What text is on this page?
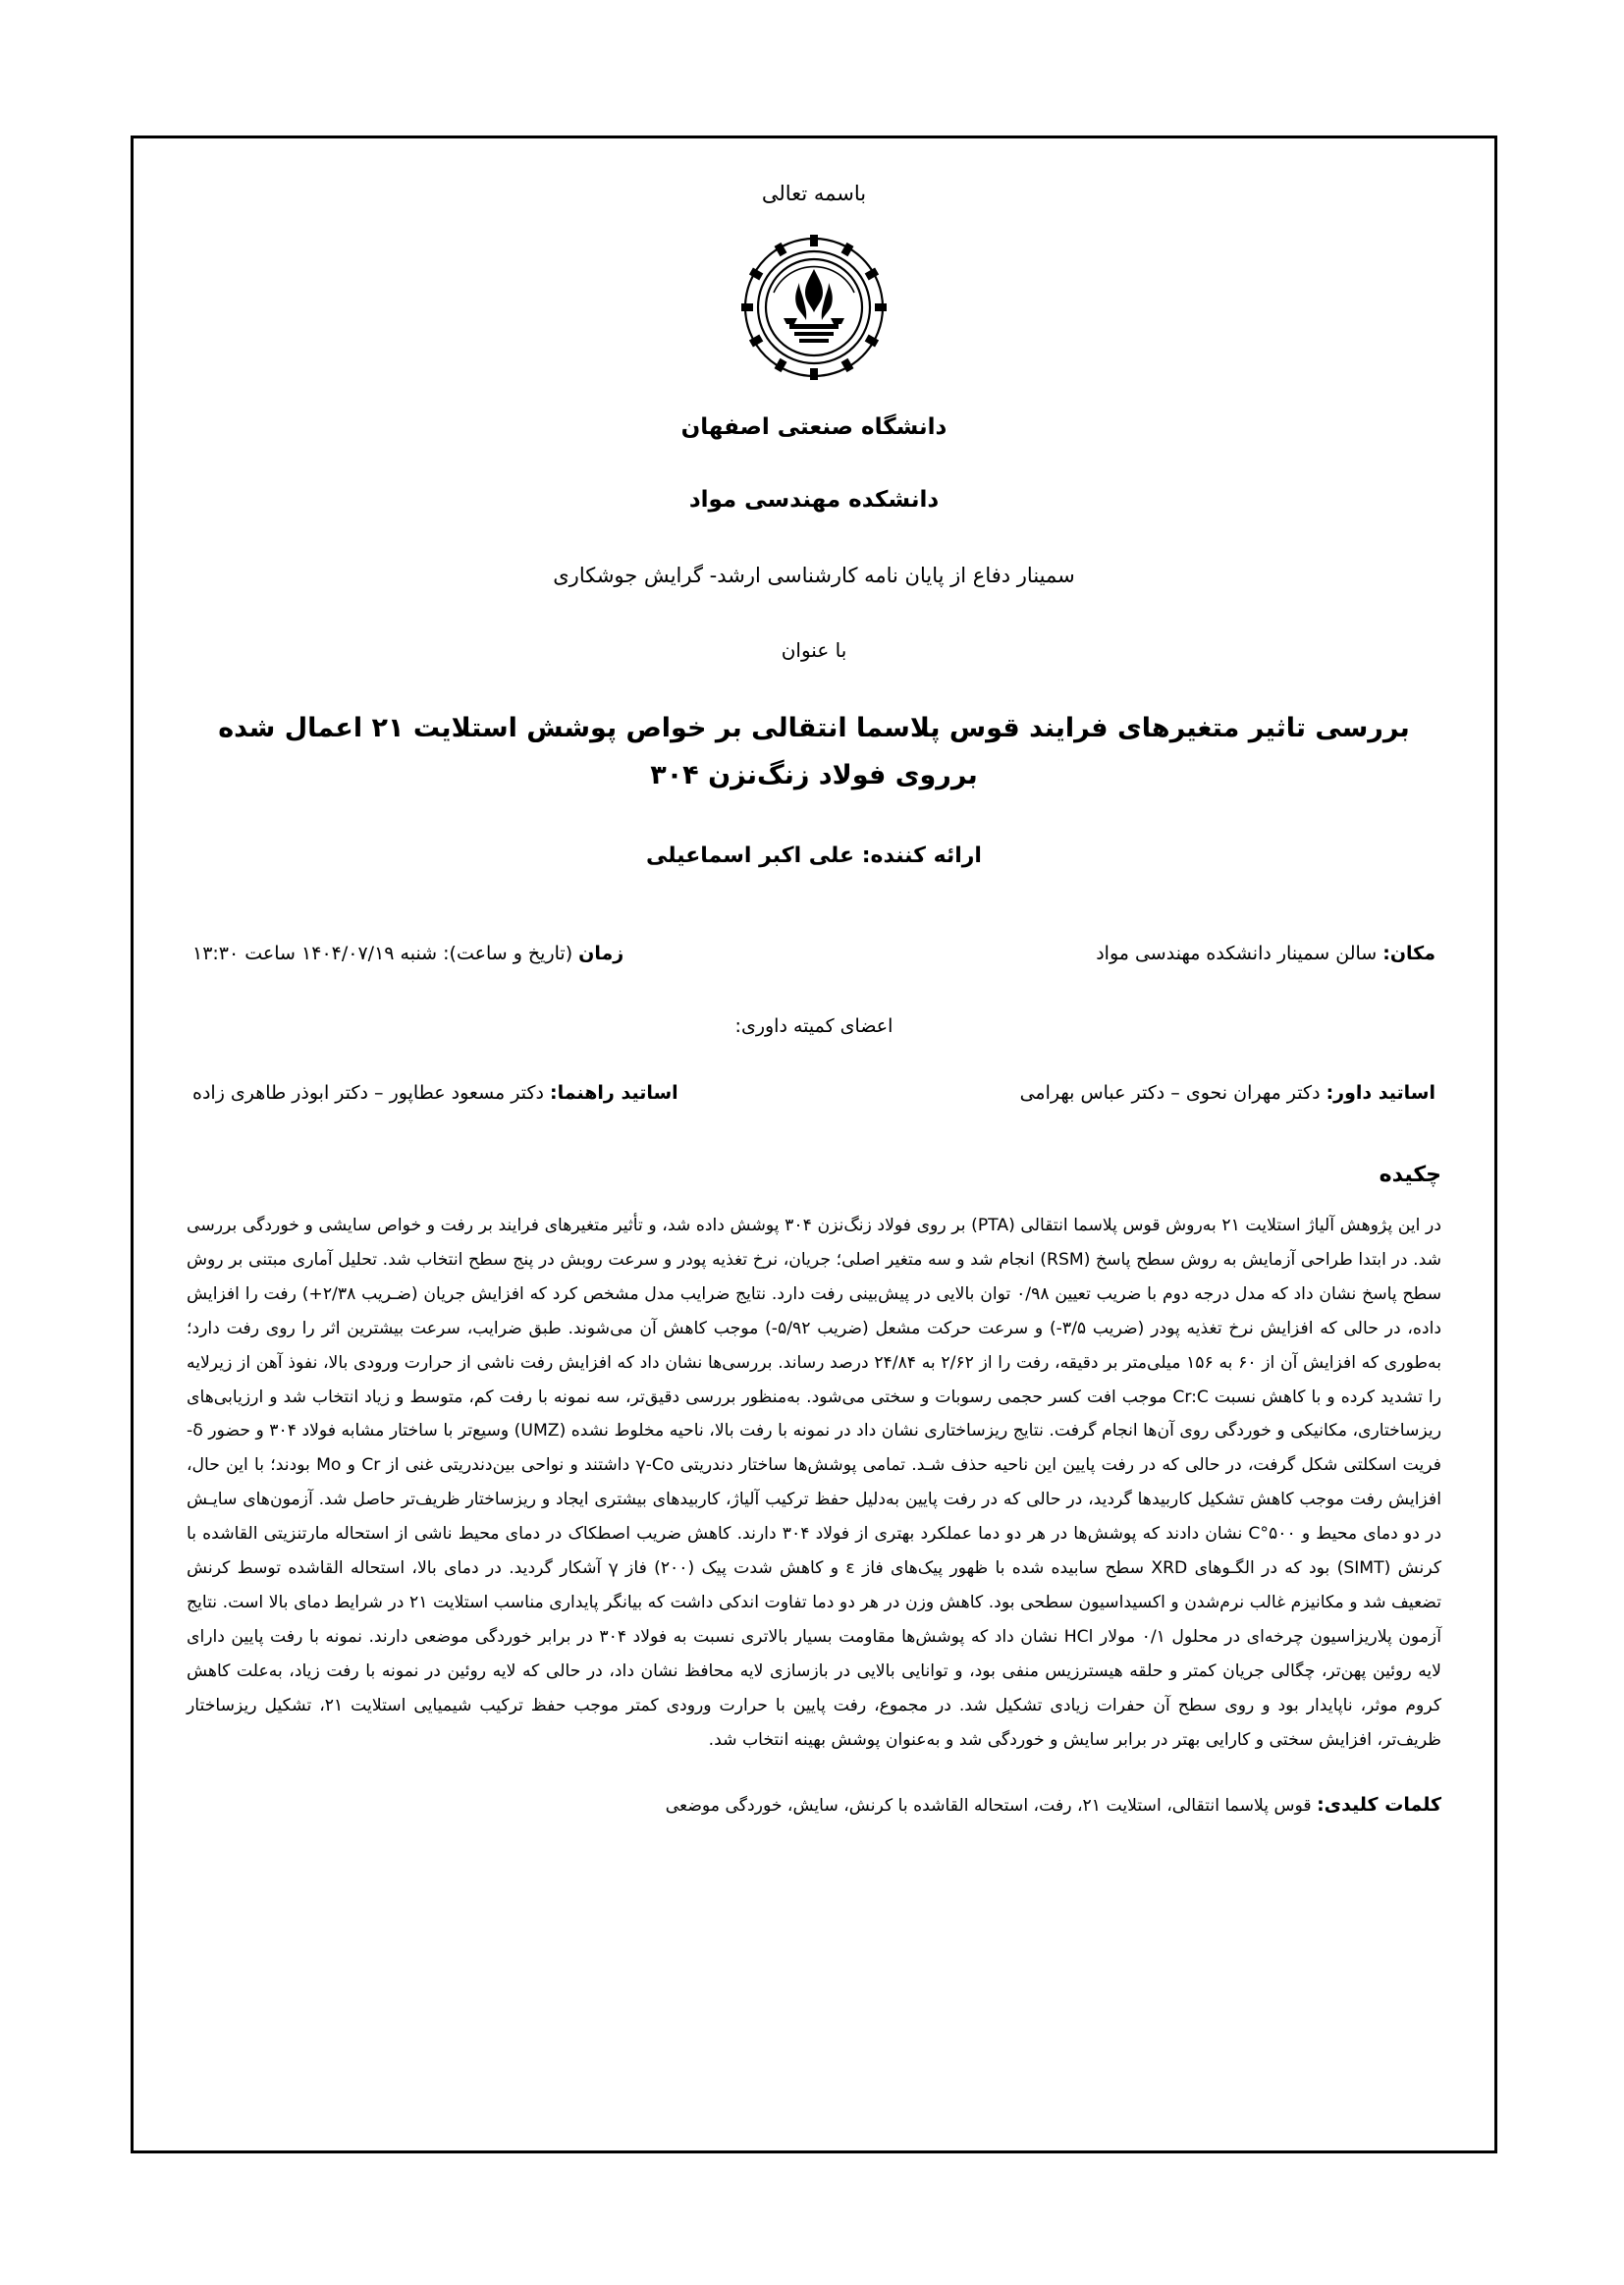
باسمه تعالی
دانشگاه صنعتی اصفهان
دانشکده مهندسی مواد
سمینار دفاع از پایان نامه کارشناسی ارشد- گرایش جوشکاری
با عنوان
بررسی تاثیر متغیرهای فرایند قوس پلاسما انتقالی بر خواص پوشش استلایت ۲۱ اعمال شده برروی فولاد زنگ‌نزن ۳۰۴
ارائه کننده: علی اکبر اسماعیلی
مکان: سالن سمینار دانشکده مهندسی مواد
زمان (تاریخ و ساعت): شنبه ۱۴۰۴/۰۷/۱۹ ساعت ۱۳:۳۰
اعضای کمیته داوری:
اساتید داور: دکتر مهران نحوی – دکتر عباس بهرامی
اساتید راهنما: دکتر مسعود عطاپور – دکتر ابوذر طاهری زاده
چکیده
در این پژوهش آلیاژ استلایت ۲۱ به‌روش قوس پلاسما انتقالی (PTA) بر روی فولاد زنگ‌نزن ۳۰۴ پوشش داده شد، و تأثیر متغیرهای فرایند بر رفت و خواص سایشی و خوردگی بررسی شد. در ابتدا طراحی آزمایش به روش سطح پاسخ (RSM) انجام شد و سه متغیر اصلی؛ جریان، نرخ تغذیه پودر و سرعت روبش در پنج سطح انتخاب شد. تحلیل آماری مبتنی بر روش سطح پاسخ نشان داد که مدل درجه دوم با ضریب تعیین ۰/۹۸ توان بالایی در پیش‌بینی رفت دارد. نتایج ضرایب مدل مشخص کرد که افزایش جریان (ضـریب ۲/۳۸+) رفت را افزایش داده، در حالی که افزایش نرخ تغذیه پودر (ضریب ۳/۵-) و سرعت حرکت مشعل (ضریب ۵/۹۲-) موجب کاهش آن می‌شوند. طبق ضرایب، سرعت بیشترین اثر را روی رفت دارد؛ به‌طوری که افزایش آن از ۶۰ به ۱۵۶ میلی‌متر بر دقیقه، رفت را از ۲/۶۲ به ۲۴/۸۴ درصد رساند. بررسی‌ها نشان داد که افزایش رفت ناشی از حرارت ورودی بالا، نفوذ آهن از زیرلایه را تشدید کرده و با کاهش نسبت Cr:C موجب افت کسر حجمی رسوبات و سختی می‌شود. به‌منظور بررسی دقیق‌تر، سه نمونه با رفت کم، متوسط و زیاد انتخاب شد و ارزیابی‌های ریزساختاری، مکانیکی و خوردگی روی آن‌ها انجام گرفت. نتایج ریزساختاری نشان داد در نمونه با رفت بالا، ناحیه مخلوط نشده (UMZ) وسیع‌تر با ساختار مشابه فولاد ۳۰۴ و حضور δ-فریت اسکلتی شکل گرفت، در حالی که در رفت پایین این ناحیه حذف شـد. تمامی پوشش‌ها ساختار دندریتی γ-Co داشتند و نواحی بین‌دندریتی غنی از Cr و Mo بودند؛ با این حال، افزایش رفت موجب کاهش تشکیل کاربیدها گردید، در حالی که در رفت پایین به‌دلیل حفظ ترکیب آلیاژ، کاربیدهای بیشتری ایجاد و ریزساختار ظریف‌تر حاصل شد. آزمون‌های سایـش در دو دمای محیط و ۵۰۰°C نشان دادند که پوشش‌ها در هر دو دما عملکرد بهتری از فولاد ۳۰۴ دارند. کاهش ضریب اصطکاک در دمای محیط ناشی از استحاله مارتنزیتی القاشده با کرنش (SIMT) بود که در الگـوهای XRD سطح سابیده شده با ظهور پیک‌های فاز ε و کاهش شدت پیک (۲۰۰) فاز γ آشکار گردید. در دمای بالا، استحاله القاشده توسط کرنش تضعیف شد و مکانیزم غالب نرم‌شدن و اکسیداسیون سطحی بود. کاهش وزن در هر دو دما تفاوت اندکی داشت که بیانگر پایداری مناسب استلایت ۲۱ در شرایط دمای بالا است. نتایج آزمون پلاریزاسیون چرخه‌ای در محلول ۰/۱ مولار HCl نشان داد که پوشش‌ها مقاومت بسیار بالاتری نسبت به فولاد ۳۰۴ در برابر خوردگی موضعی دارند. نمونه با رفت پایین دارای لایه روئین پهن‌تر، چگالی جریان کمتر و حلقه هیسترزیس منفی بود، و توانایی بالایی در بازسازی لایه محافظ نشان داد، در حالی که لایه روئین در نمونه با رفت زیاد، به‌علت کاهش کروم موثر، ناپایدار بود و روی سطح آن حفرات زیادی تشکیل شد. در مجموع، رفت پایین با حرارت ورودی کمتر موجب حفظ ترکیب شیمیایی استلایت ۲۱، تشکیل ریزساختار ظریف‌تر، افزایش سختی و کارایی بهتر در برابر سایش و خوردگی شد و به‌عنوان پوشش بهینه انتخاب شد.
کلمات کلیدی: قوس پلاسما انتقالی، استلایت ۲۱، رفت، استحاله القاشده با کرنش، سایش، خوردگی موضعی
